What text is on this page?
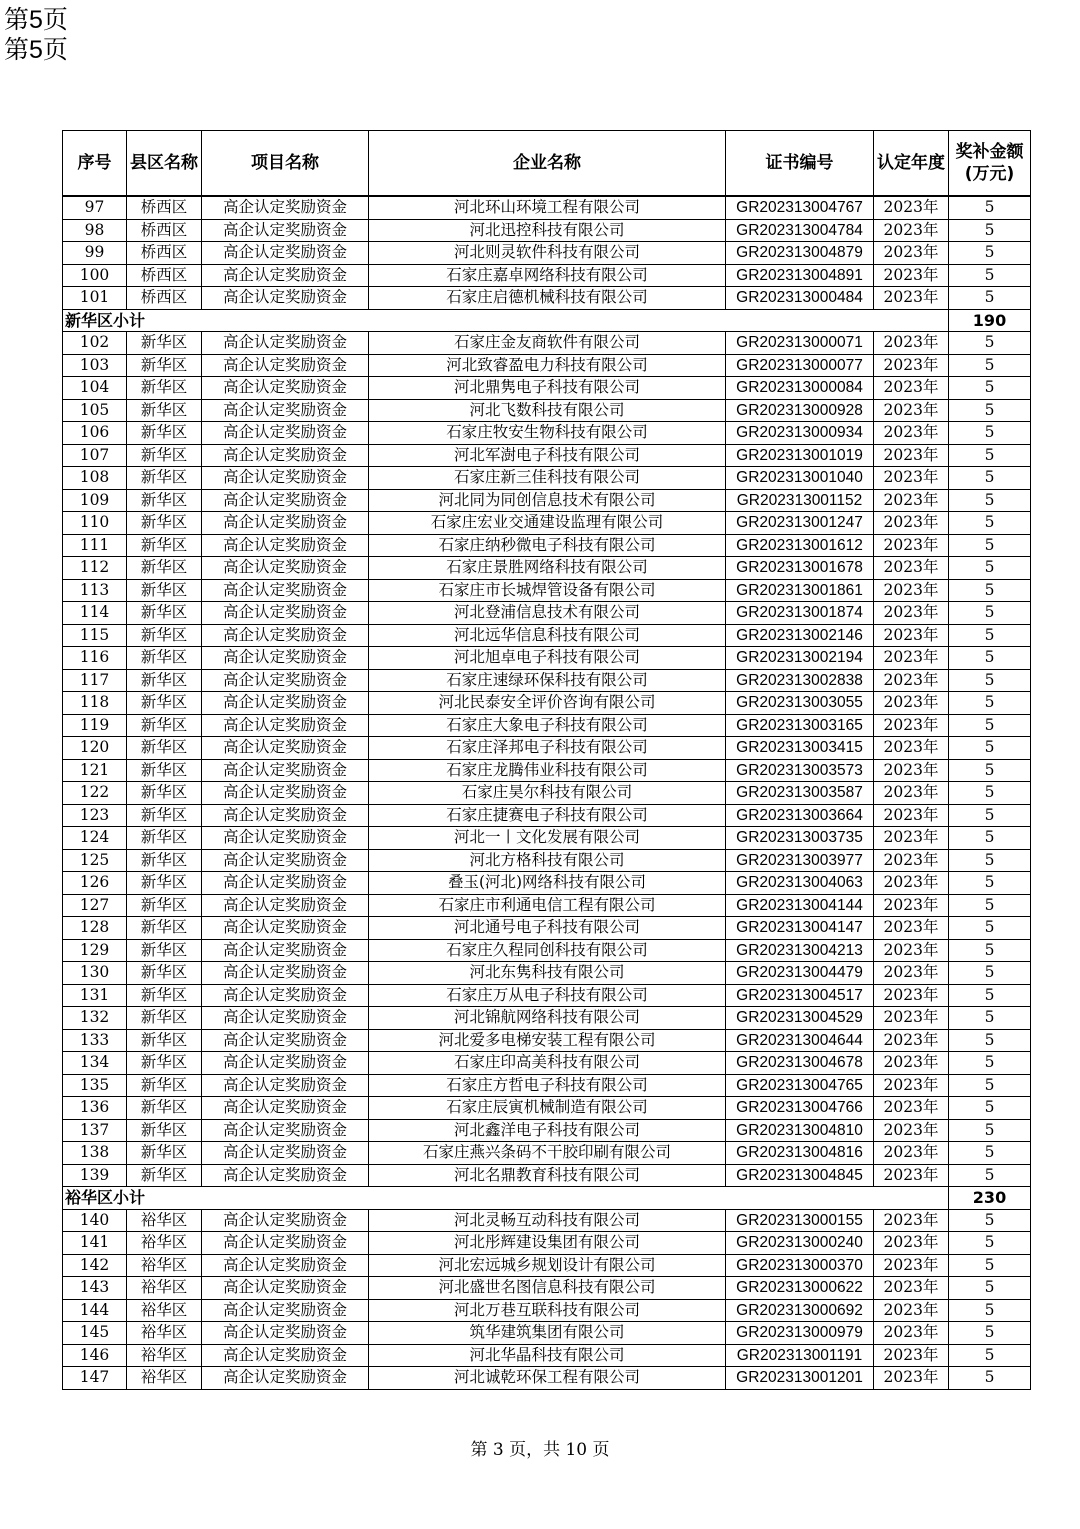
第5页
第5页
序号	县区名称	项目名称	企业名称	证书编号	认定年度	奖补金额
(万元)
97	桥西区	高企认定奖励资金	河北环山环境工程有限公司	GR202313004767	2023年	5
98	桥西区	高企认定奖励资金	河北迅控科技有限公司	GR202313004784	2023年	5
99	桥西区	高企认定奖励资金	河北则灵软件科技有限公司	GR202313004879	2023年	5
100	桥西区	高企认定奖励资金	石家庄嘉卓网络科技有限公司	GR202313004891	2023年	5
101	桥西区	高企认定奖励资金	石家庄启德机械科技有限公司	GR202313000484	2023年	5
新华区小计						190
102	新华区	高企认定奖励资金	石家庄金友商软件有限公司	GR202313000071	2023年	5
103	新华区	高企认定奖励资金	河北致睿盈电力科技有限公司	GR202313000077	2023年	5
104	新华区	高企认定奖励资金	河北鼎隽电子科技有限公司	GR202313000084	2023年	5
105	新华区	高企认定奖励资金	河北飞数科技有限公司	GR202313000928	2023年	5
106	新华区	高企认定奖励资金	石家庄牧安生物科技有限公司	GR202313000934	2023年	5
107	新华区	高企认定奖励资金	河北军澍电子科技有限公司	GR202313001019	2023年	5
108	新华区	高企认定奖励资金	石家庄新三佳科技有限公司	GR202313001040	2023年	5
109	新华区	高企认定奖励资金	河北同为同创信息技术有限公司	GR202313001152	2023年	5
110	新华区	高企认定奖励资金	石家庄宏业交通建设监理有限公司	GR202313001247	2023年	5
111	新华区	高企认定奖励资金	石家庄纳秒微电子科技有限公司	GR202313001612	2023年	5
112	新华区	高企认定奖励资金	石家庄景胜网络科技有限公司	GR202313001678	2023年	5
113	新华区	高企认定奖励资金	石家庄市长城焊管设备有限公司	GR202313001861	2023年	5
114	新华区	高企认定奖励资金	河北登浦信息技术有限公司	GR202313001874	2023年	5
115	新华区	高企认定奖励资金	河北远华信息科技有限公司	GR202313002146	2023年	5
116	新华区	高企认定奖励资金	河北旭卓电子科技有限公司	GR202313002194	2023年	5
117	新华区	高企认定奖励资金	石家庄速绿环保科技有限公司	GR202313002838	2023年	5
118	新华区	高企认定奖励资金	河北民泰安全评价咨询有限公司	GR202313003055	2023年	5
119	新华区	高企认定奖励资金	石家庄大象电子科技有限公司	GR202313003165	2023年	5
120	新华区	高企认定奖励资金	石家庄泽邦电子科技有限公司	GR202313003415	2023年	5
121	新华区	高企认定奖励资金	石家庄龙腾伟业科技有限公司	GR202313003573	2023年	5
122	新华区	高企认定奖励资金	石家庄昊尔科技有限公司	GR202313003587	2023年	5
123	新华区	高企认定奖励资金	石家庄捷赛电子科技有限公司	GR202313003664	2023年	5
124	新华区	高企认定奖励资金	河北一丨文化发展有限公司	GR202313003735	2023年	5
125	新华区	高企认定奖励资金	河北方格科技有限公司	GR202313003977	2023年	5
126	新华区	高企认定奖励资金	叠玉(河北)网络科技有限公司	GR202313004063	2023年	5
127	新华区	高企认定奖励资金	石家庄市利通电信工程有限公司	GR202313004144	2023年	5
128	新华区	高企认定奖励资金	河北通号电子科技有限公司	GR202313004147	2023年	5
129	新华区	高企认定奖励资金	石家庄久程同创科技有限公司	GR202313004213	2023年	5
130	新华区	高企认定奖励资金	河北东隽科技有限公司	GR202313004479	2023年	5
131	新华区	高企认定奖励资金	石家庄万从电子科技有限公司	GR202313004517	2023年	5
132	新华区	高企认定奖励资金	河北锦航网络科技有限公司	GR202313004529	2023年	5
133	新华区	高企认定奖励资金	河北爱多电梯安装工程有限公司	GR202313004644	2023年	5
134	新华区	高企认定奖励资金	石家庄印高美科技有限公司	GR202313004678	2023年	5
135	新华区	高企认定奖励资金	石家庄方哲电子科技有限公司	GR202313004765	2023年	5
136	新华区	高企认定奖励资金	石家庄辰寅机械制造有限公司	GR202313004766	2023年	5
137	新华区	高企认定奖励资金	河北鑫洋电子科技有限公司	GR202313004810	2023年	5
138	新华区	高企认定奖励资金	石家庄燕兴条码不干胶印刷有限公司	GR202313004816	2023年	5
139	新华区	高企认定奖励资金	河北名鼎教育科技有限公司	GR202313004845	2023年	5
裕华区小计						230
140	裕华区	高企认定奖励资金	河北灵畅互动科技有限公司	GR202313000155	2023年	5
141	裕华区	高企认定奖励资金	河北彤辉建设集团有限公司	GR202313000240	2023年	5
142	裕华区	高企认定奖励资金	河北宏远城乡规划设计有限公司	GR202313000370	2023年	5
143	裕华区	高企认定奖励资金	河北盛世名图信息科技有限公司	GR202313000622	2023年	5
144	裕华区	高企认定奖励资金	河北万巷互联科技有限公司	GR202313000692	2023年	5
145	裕华区	高企认定奖励资金	筑华建筑集团有限公司	GR202313000979	2023年	5
146	裕华区	高企认定奖励资金	河北华晶科技有限公司	GR202313001191	2023年	5
147	裕华区	高企认定奖励资金	河北诚乾环保工程有限公司	GR202313001201	2023年	5
第 3 页，共 10 页
